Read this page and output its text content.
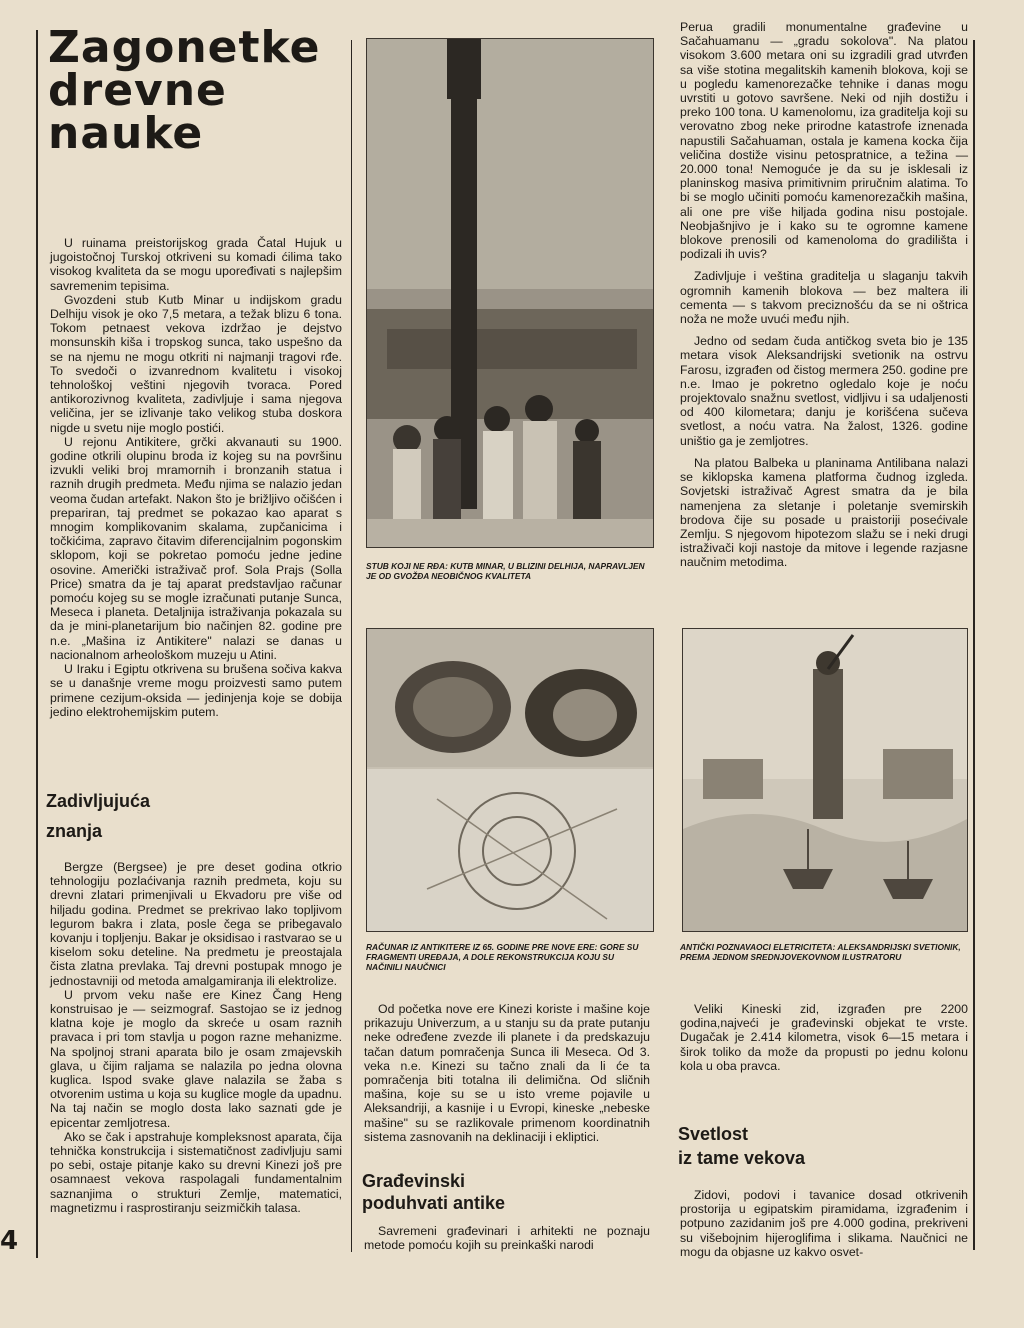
Zagonetke
drevne
nauke

U ruinama preistorijskog grada Čatal Hujuk u jugoistočnoj Turskoj otkriveni su komadi ćilima tako visokog kvaliteta da se mogu upoređivati s najlepšim savremenim tepisima.

Gvozdeni stub Kutb Minar u indijskom gradu Delhiju visok je oko 7,5 metara, a težak blizu 6 tona. Tokom petnaest vekova izdržao je dejstvo monsunskih kiša i tropskog sunca, tako uspešno da se na njemu ne mogu otkriti ni najmanji tragovi rđe. To svedoči o izvanrednom kvalitetu i visokoj tehnološkoj veštini njegovih tvoraca. Pored antikorozivnog kvaliteta, zadivljuje i sama njegova veličina, jer se izlivanje tako velikog stuba doskora nigde u svetu nije moglo postići.

U rejonu Antikitere, grčki akvanauti su 1900. godine otkrili olupinu broda iz kojeg su na površinu izvukli veliki broj mramornih i bronzanih statua i raznih drugih predmeta. Među njima se nalazio jedan veoma čudan artefakt. Nakon što je brižljivo očišćen i prepariran, taj predmet se pokazao kao aparat s mnogim komplikovanim skalama, zupčanicima i točkićima, zapravo čitavim diferencijalnim pogonskim sklopom, koji se pokretao pomoću jedne jedine osovine. Američki istraživač prof. Sola Prajs (Solla Price) smatra da je taj aparat predstavljao računar pomoću kojeg su se mogle izračunati putanje Sunca, Meseca i planeta. Detaljnija istraživanja pokazala su da je mini-planetarijum bio načinjen 82. godine pre n.e. „Mašina iz Antikitere" nalazi se danas u nacionalnom arheološkom muzeju u Atini.

U Iraku i Egiptu otkrivena su brušena sočiva kakva se u današnje vreme mogu proizvesti samo putem primene cezijum-oksida — jedinjenja koje se dobija jedino elektrohemijskim putem.

Zadivljujuća
znanja

Bergze (Bergsee) je pre deset godina otkrio tehnologiju pozlaćivanja raznih predmeta, koju su drevni zlatari primenjivali u Ekvadoru pre više od hiljadu godina. Predmet se prekrivao lako topljivom legurom bakra i zlata, posle čega se pribegavalo kovanju i topljenju. Bakar je oksidisao i rastvarao se u kiselom soku deteline. Na predmetu je preostajala čista zlatna prevlaka. Taj drevni postupak mnogo je jednostavniji od metoda amalgamiranja ili elektrolize.

U prvom veku naše ere Kinez Čang Heng konstruisao je — seizmograf. Sastojao se iz jednog klatna koje je moglo da skreće u osam raznih pravaca i pri tom stavlja u pogon razne mehanizme. Na spoljnoj strani aparata bilo je osam zmajevskih glava, u čijim raljama se nalazila po jedna olovna kuglica. Ispod svake glave nalazila se žaba s otvorenim ustima u koja su kuglice mogle da upadnu. Na taj način se moglo dosta lako saznati gde je epicentar zemljotresa.

Ako se čak i apstrahuje kompleksnost aparata, čija tehnička konstrukcija i sistematičnost zadivljuju sami po sebi, ostaje pitanje kako su drevni Kinezi još pre osamnaest vekova raspolagali fundamentalnim saznanjima o strukturi Zemlje, matematici, magnetizmu i rasprostiranju seizmičkih talasa.

STUB KOJI NE RĐA: KUTB MINAR, U BLIZINI DELHIJA, NAPRAVLJEN JE OD GVOŽĐA NEOBIČNOG KVALITETA

RAČUNAR IZ ANTIKITERE IZ 65. GODINE PRE NOVE ERE: GORE SU FRAGMENTI UREĐAJA, A DOLE REKONSTRUKCIJA KOJU SU NAČINILI NAUČNICI

Od početka nove ere Kinezi koriste i mašine koje prikazuju Univerzum, a u stanju su da prate putanju neke određene zvezde ili planete i da predskazuju tačan datum pomračenja Sunca ili Meseca. Od 3. veka n.e. Kinezi su tačno znali da li će ta pomračenja biti totalna ili delimična. Od sličnih mašina, koje su se u isto vreme pojavile u Aleksandriji, a kasnije i u Evropi, kineske „nebeske mašine" su se razlikovale primenom koordinatnih sistema zasnovanih na deklinaciji i ekliptici.

Građevinski
poduhvati antike

Savremeni građevinari i arhitekti ne poznaju metode pomoću kojih su preinkaški narodi

Perua gradili monumentalne građevine u Sačahuamanu — „gradu sokolova". Na platou visokom 3.600 metara oni su izgradili grad utvrđen sa više stotina megalitskih kamenih blokova, koji se u pogledu kamenorezačke tehnike i danas mogu uvrstiti u gotovo savršene. Neki od njih dostižu i preko 100 tona. U kamenolomu, iza graditelja koji su verovatno zbog neke prirodne katastrofe iznenada napustili Sačahuaman, ostala je kamena kocka čija veličina dostiže visinu petospratnice, a težina — 20.000 tona! Nemoguće je da su je isklesali iz planinskog masiva primitivnim priručnim alatima. To bi se moglo učiniti pomoću kamenorezačkih mašina, ali one pre više hiljada godina nisu postojale. Neobjašnjivo je i kako su te ogromne kamene blokove prenosili od kamenoloma do gradilišta i podizali ih uvis?

Zadivljuje i veština graditelja u slaganju takvih ogromnih kamenih blokova — bez maltera ili cementa — s takvom preciznošću da se ni oštrica noža ne može uvući među njih.

Jedno od sedam čuda antičkog sveta bio je 135 metara visok Aleksandrijski svetionik na ostrvu Farosu, izgrađen od čistog mermera 250. godine pre n.e. Imao je pokretno ogledalo koje je noću projektovalo snažnu svetlost, vidljivu i sa udaljenosti od 400 kilometara; danju je korišćena sučeva svetlost, a noću vatra. Na žalost, 1326. godine uništio ga je zemljotres.

Na platou Balbeka u planinama Antilibana nalazi se kiklopska kamena platforma čudnog izgleda. Sovjetski istraživač Agrest smatra da je bila namenjena za sletanje i poletanje svemirskih brodova čije su posade u praistoriji posećivale Zemlju. S njegovom hipotezom slažu se i neki drugi istraživači koji nastoje da mitove i legende razjasne naučnim metodima.

ANTIČKI POZNAVAOCI ELETRICITETA: ALEKSANDRIJSKI SVETIONIK, PREMA JEDNOM SREDNJOVEKOVNOM ILUSTRATORU

Veliki Kineski zid, izgrađen pre 2200 godina,najveći je građevinski objekat te vrste. Dugačak je 2.414 kilometra, visok 6—15 metara i širok toliko da može da propusti po jednu kolonu kola u oba pravca.

Svetlost
iz tame vekova

Zidovi, podovi i tavanice dosad otkrivenih prostorija u egipatskim piramidama, izgrađenim i potpuno zazidanim još pre 4.000 godina, prekriveni su višebojnim hijeroglifima i slikama. Naučnici ne mogu da objasne uz kakvo osvet-

4
